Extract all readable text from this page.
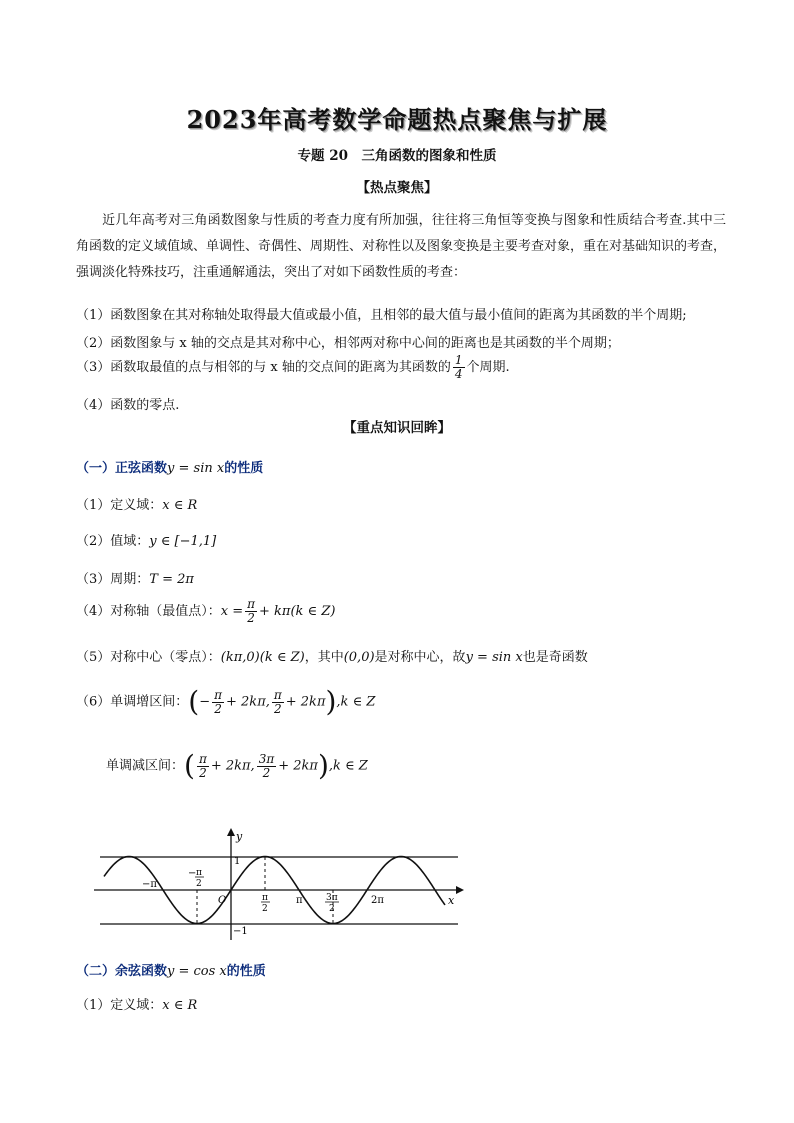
2023年高考数学命题热点聚焦与扩展
专题 20　三角函数的图象和性质
【热点聚焦】
近几年高考对三角函数图象与性质的考查力度有所加强，往往将三角恒等变换与图象和性质结合考查.其中三角函数的定义域值域、单调性、奇偶性、周期性、对称性以及图象变换是主要考查对象，重在对基础知识的考查，强调淡化特殊技巧，注重通解通法，突出了对如下函数性质的考查：
（1）函数图象在其对称轴处取得最大值或最小值，且相邻的最大值与最小值间的距离为其函数的半个周期;
（2）函数图象与 x 轴的交点是其对称中心，相邻两对称中心间的距离也是其函数的半个周期；
（3）函数取最值的点与相邻的与 x 轴的交点间的距离为其函数的 $\frac{1}{4}$ 个周期.
（4）函数的零点.
【重点知识回眸】
（一）正弦函数y = sin x的性质
（1）定义域：x ∈ R
（2）值域：y ∈ [−1,1]
（3）周期：T = 2π
（4）对称轴（最值点）：$x = \frac{\pi}{2} + k\pi(k$ ∈ Z)
（5）对称中心（零点）：(kπ,0)(k ∈ Z)，其中(0,0)是对称中心，故y = sin x也是奇函数
（6）单调增区间：(− $\frac{\pi}{2} + 2k\pi$, $\frac{\pi}{2} + 2k\pi),k$ ∈ Z
单调减区间：( $\frac{\pi}{2} + 2k\pi$, $\frac{3\pi}{2} + 2k\pi),k$ ∈ Z
y
x
O
1
−1
−π
− π
2
π
2
π	3π
2
2π
（二）余弦函数y = cos x的性质
（1）定义域：x ∈ R
